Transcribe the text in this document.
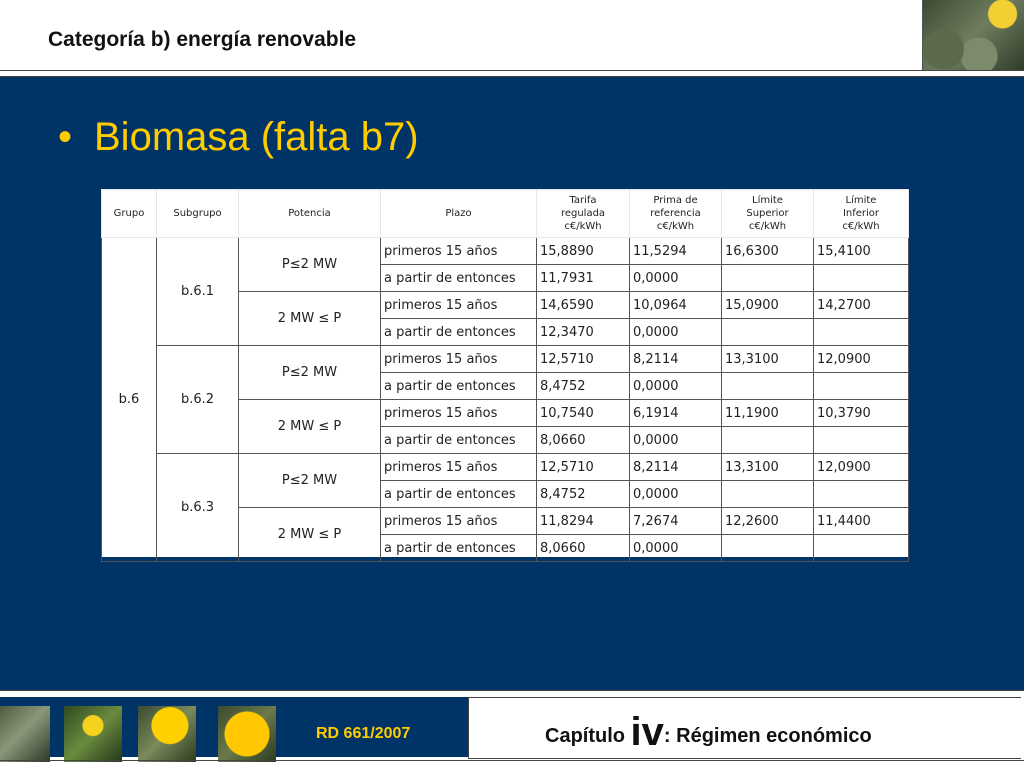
Categoría b) energía renovable
• Biomasa (falta b7)
Grupo	Subgrupo	Potencia	Plazo	Tarifa
regulada
c€/kWh	Prima de
referencia
c€/kWh	Límite
Superior
c€/kWh	Límite
Inferior
c€/kWh
b.6	b.6.1	P≤2 MW	primeros 15 años	15,8890	11,5294	16,6300	15,4100
			a partir de entonces	11,7931	0,0000		
		2 MW ≤ P	primeros 15 años	14,6590	10,0964	15,0900	14,2700
			a partir de entonces	12,3470	0,0000		
	b.6.2	P≤2 MW	primeros 15 años	12,5710	8,2114	13,3100	12,0900
			a partir de entonces	8,4752	0,0000		
		2 MW ≤ P	primeros 15 años	10,7540	6,1914	11,1900	10,3790
			a partir de entonces	8,0660	0,0000		
	b.6.3	P≤2 MW	primeros 15 años	12,5710	8,2114	13,3100	12,0900
			a partir de entonces	8,4752	0,0000		
		2 MW ≤ P	primeros 15 años	11,8294	7,2674	12,2600	11,4400
			a partir de entonces	8,0660	0,0000		
RD 661/2007	Capítulo iv: Régimen económico
